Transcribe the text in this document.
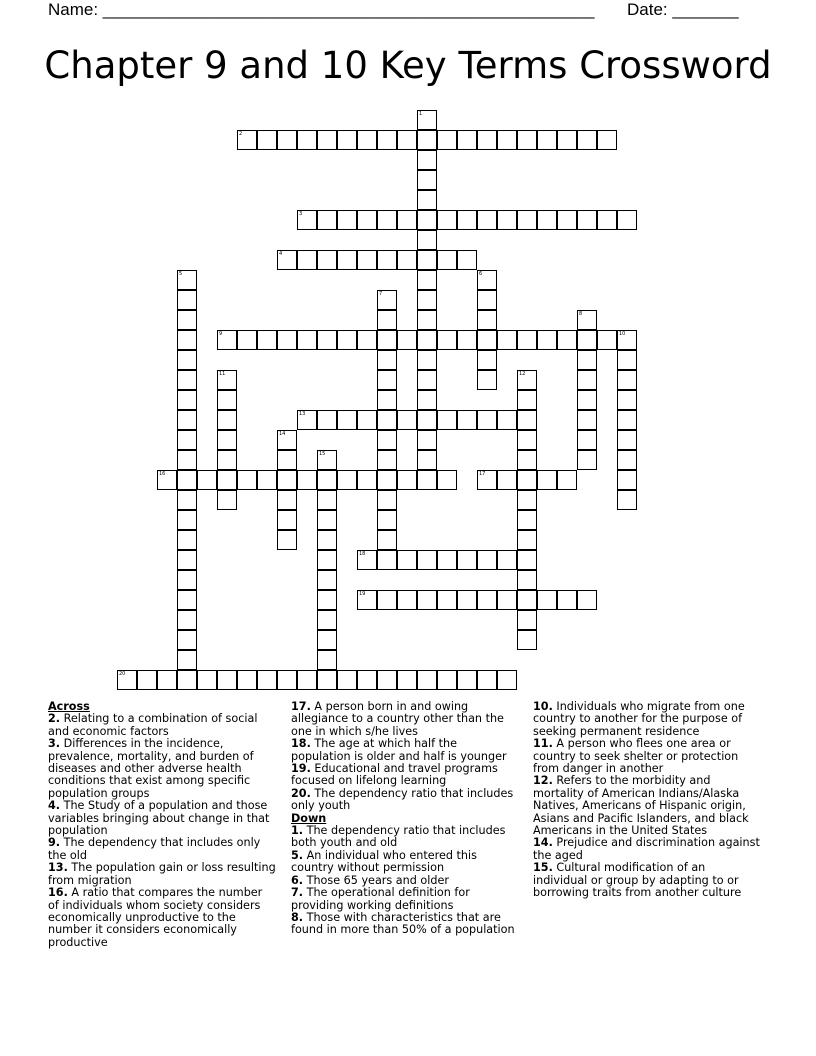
Name: ____________________________________________________ Date: _______
Chapter 9 and 10 Key Terms Crossword
1
2
3
4
5	6
7
8
9	10
11	12
13
14
15
16	17
18
19
20
Across

2. Relating to a combination of social and economic factors

3. Differences in the incidence, prevalence, mortality, and burden of diseases and other adverse health conditions that exist among specific population groups

4. The Study of a population and those variables bringing about change in that population

9. The dependency that includes only the old

13. The population gain or loss resulting from migration

16. A ratio that compares the number of individuals whom society considers economically unproductive to the number it considers economically productive

17. A person born in and owing allegiance to a country other than the one in which s/he lives

18. The age at which half the population is older and half is younger

19. Educational and travel programs focused on lifelong learning

20. The dependency ratio that includes only youth

Down

1. The dependency ratio that includes both youth and old

5. An individual who entered this country without permission

6. Those 65 years and older

7. The operational definition for providing working definitions

8. Those with characteristics that are found in more than 50% of a population

10. Individuals who migrate from one country to another for the purpose of seeking permanent residence

11. A person who flees one area or country to seek shelter or protection from danger in another

12. Refers to the morbidity and mortality of American Indians/Alaska Natives, Americans of Hispanic origin, Asians and Pacific Islanders, and black Americans in the United States

14. Prejudice and discrimination against the aged

15. Cultural modification of an individual or group by adapting to or borrowing traits from another culture
